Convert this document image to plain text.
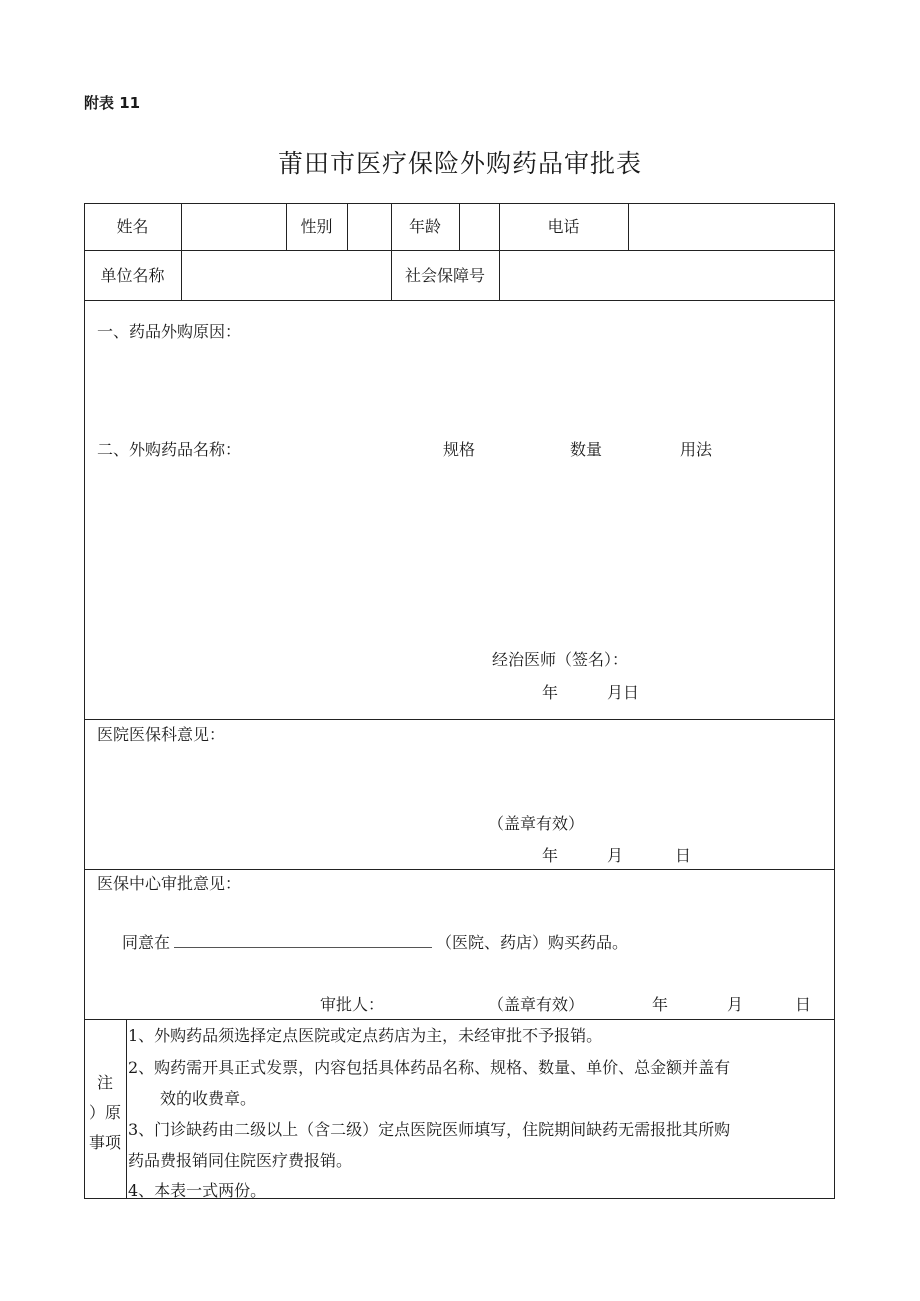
附表 11
莆田市医疗保险外购药品审批表
姓名	性别	年龄	电话
单位名称	社会保障号
一、药品外购原因：
二、外购药品名称：	规格	数量	用法
经治医师（签名）：
年	月日
医院医保科意见：
（盖章有效）
年	月	日
医保中心审批意见：
同意在	（医院、药店）购买药品。
审批人：	（盖章有效）	年	月	日
注
）原
事项
1、外购药品须选择定点医院或定点药店为主，未经审批不予报销。
2、购药需开具正式发票，内容包括具体药品名称、规格、数量、单价、总金额并盖有
效的收费章。
3、门诊缺药由二级以上（含二级）定点医院医师填写，住院期间缺药无需报批其所购
药品费报销同住院医疗费报销。
4、本表一式两份。
